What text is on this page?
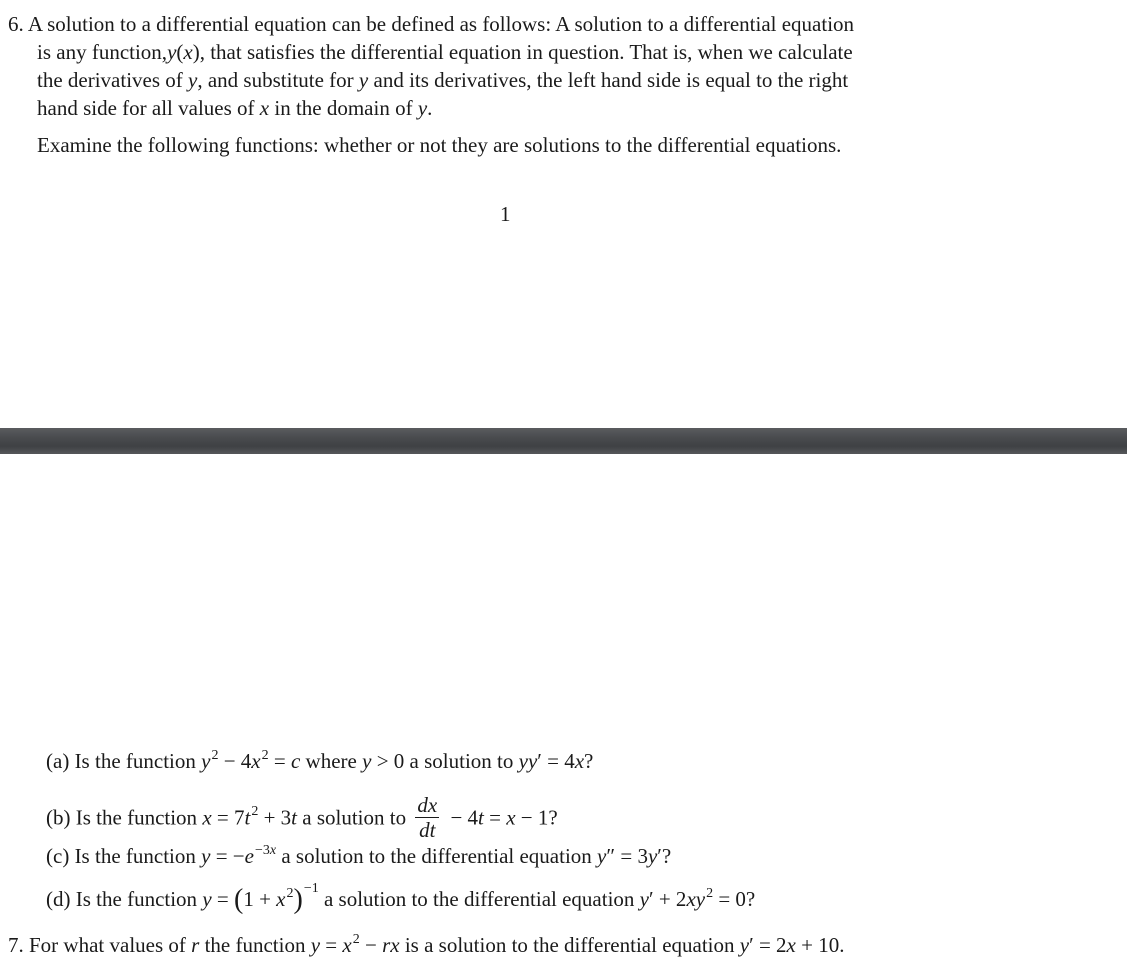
6. A solution to a differential equation can be defined as follows: A solution to a differential equation
is any function,y(x), that satisfies the differential equation in question. That is, when we calculate
the derivatives of y, and substitute for y and its derivatives, the left hand side is equal to the right
hand side for all values of x in the domain of y.
Examine the following functions: whether or not they are solutions to the differential equations.
1
(a) Is the function $y^2 - 4x^2 = c$ where y > 0 a solution to yy′ = 4x?
(b) Is the function $x = 7t^2 + 3t$ a solution to $\frac{dx}{dt} - 4t = x - 1$?
(c) Is the function $y = -e^{-3x}$ a solution to the differential equation y″ = 3y′?
(d) Is the function $y = (1 + x^2)^{-1}$ a solution to the differential equation $y' + 2xy^2 = 0$?
7. For what values of r the function $y = x^2$ − rx is a solution to the differential equation y′ = 2x + 10.
